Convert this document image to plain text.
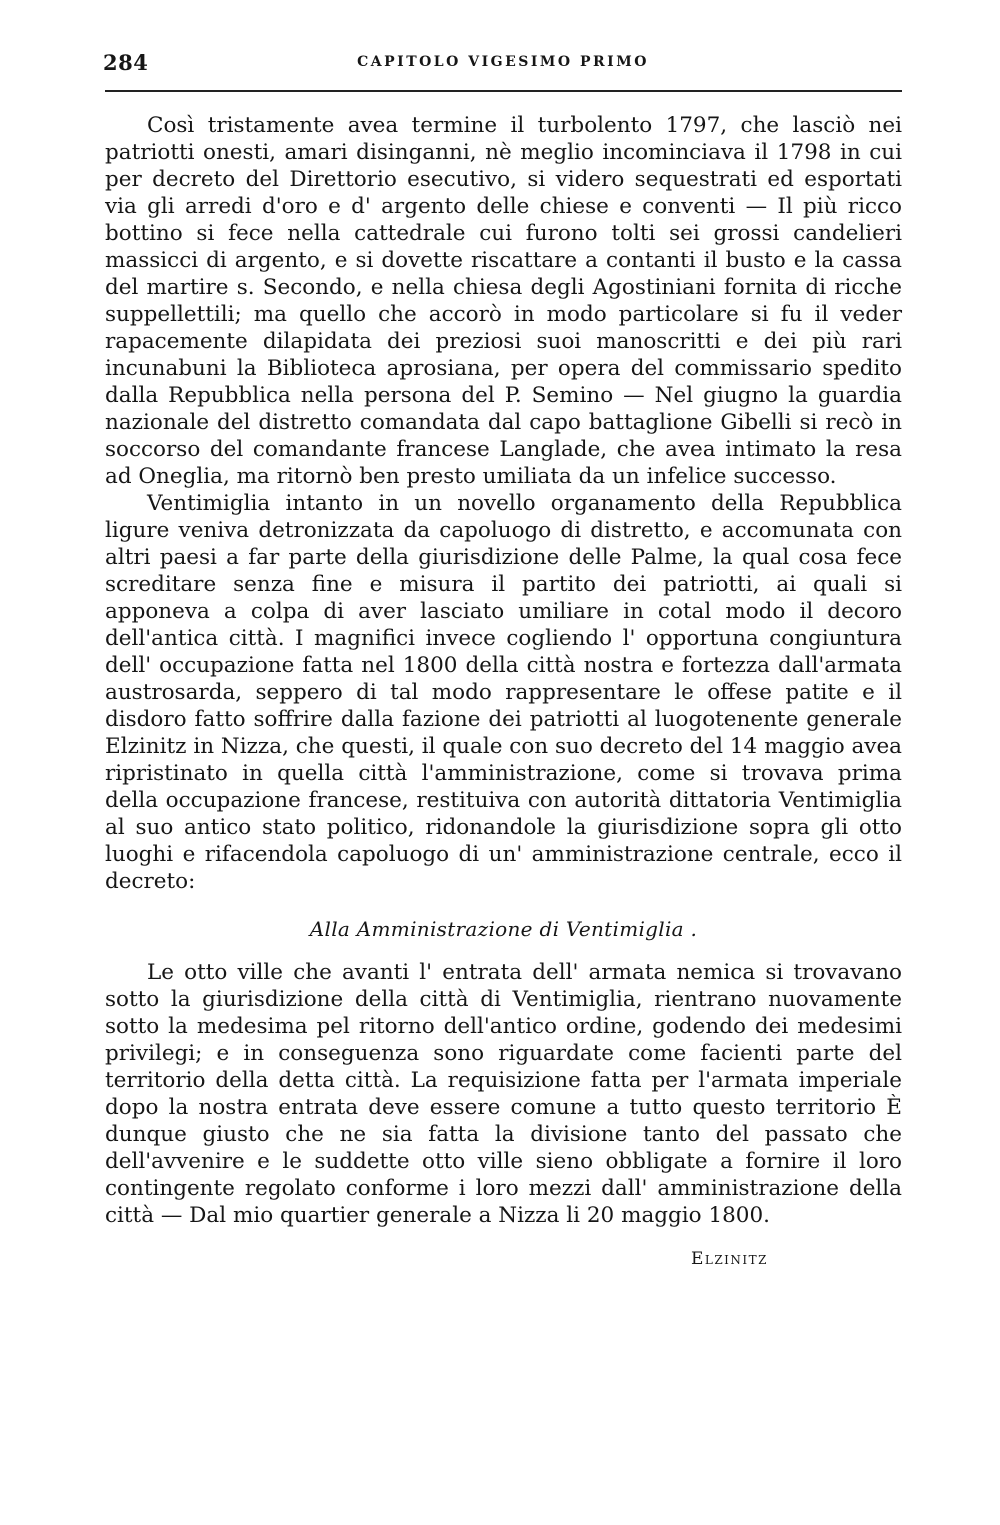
284	CAPITOLO VIGESIMO PRIMO

Così tristamente avea termine il turbolento 1797, che lasciò nei patriotti onesti, amari disinganni, nè meglio incominciava il 1798 in cui per decreto del Direttorio esecutivo, si videro sequestrati ed esportati via gli arredi d'oro e d' argento delle chiese e conventi — Il più ricco bottino si fece nella cattedrale cui furono tolti sei grossi candelieri massicci di argento, e si dovette riscattare a contanti il busto e la cassa del martire s. Secondo, e nella chiesa degli Agostiniani fornita di ricche suppellettili; ma quello che accorò in modo particolare si fu il veder rapacemente dilapidata dei preziosi suoi manoscritti e dei più rari incunabuni la Biblioteca aprosiana, per opera del commissario spedito dalla Repubblica nella persona del P. Semino — Nel giugno la guardia nazionale del distretto comandata dal capo battaglione Gibelli si recò in soccorso del comandante francese Langlade, che avea intimato la resa ad Oneglia, ma ritornò ben presto umiliata da un infelice successo.

Ventimiglia intanto in un novello organamento della Repubblica ligure veniva detronizzata da capoluogo di distretto, e accomunata con altri paesi a far parte della giurisdizione delle Palme, la qual cosa fece screditare senza fine e misura il partito dei patriotti, ai quali si apponeva a colpa di aver lasciato umiliare in cotal modo il decoro dell'antica città. I magnifici invece cogliendo l' opportuna congiuntura dell' occupazione fatta nel 1800 della città nostra e fortezza dall'armata austrosarda, seppero di tal modo rappresentare le offese patite e il disdoro fatto soffrire dalla fazione dei patriotti al luogotenente generale Elzinitz in Nizza, che questi, il quale con suo decreto del 14 maggio avea ripristinato in quella città l'amministrazione, come si trovava prima della occupazione francese, restituiva con autorità dittatoria Ventimiglia al suo antico stato politico, ridonandole la giurisdizione sopra gli otto luoghi e rifacendola capoluogo di un' amministrazione centrale, ecco il decreto:

Alla Amministrazione di Ventimiglia .

Le otto ville che avanti l' entrata dell' armata nemica si trovavano sotto la giurisdizione della città di Ventimiglia, rientrano nuovamente sotto la medesima pel ritorno dell'antico ordine, godendo dei medesimi privilegi; e in conseguenza sono riguardate come facienti parte del territorio della detta città. La requisizione fatta per l'armata imperiale dopo la nostra entrata deve essere comune a tutto questo territorio È dunque giusto che ne sia fatta la divisione tanto del passato che dell'avvenire e le suddette otto ville sieno obbligate a fornire il loro contingente regolato conforme i loro mezzi dall' amministrazione della città — Dal mio quartier generale a Nizza li 20 maggio 1800.

Elzinitz
